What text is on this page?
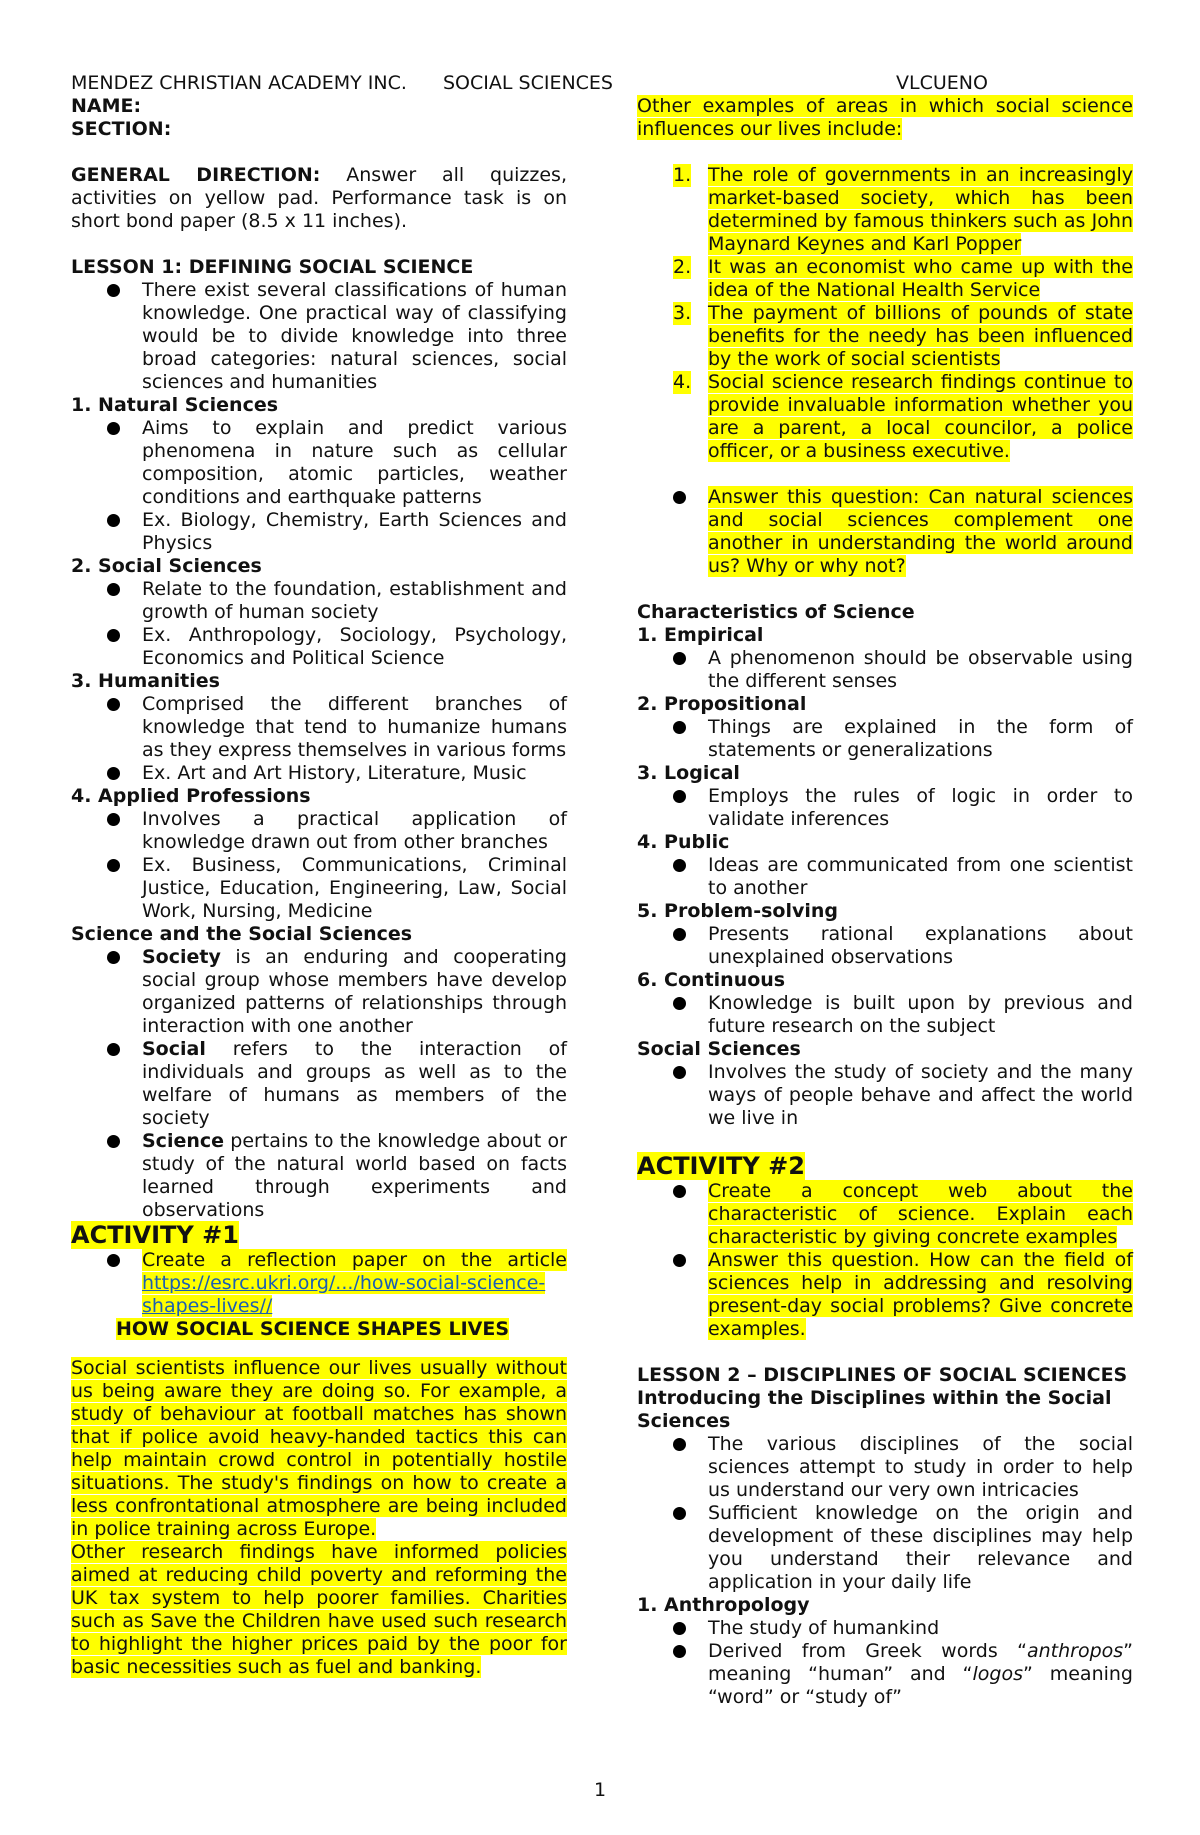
MENDEZ CHRISTIAN ACADEMY INC. SOCIAL SCIENCES	VLCUENO
NAME:
SECTION:

GENERAL DIRECTION: Answer all quizzes, activities on yellow pad. Performance task is on short bond paper (8.5 x 11 inches).

LESSON 1: DEFINING SOCIAL SCIENCE
There exist several classifications of human knowledge. One practical way of classifying would be to divide knowledge into three broad categories: natural sciences, social sciences and humanities
1. Natural Sciences
Aims to explain and predict various phenomena in nature such as cellular composition, atomic particles, weather conditions and earthquake patterns
Ex. Biology, Chemistry, Earth Sciences and Physics
2. Social Sciences
Relate to the foundation, establishment and growth of human society
Ex. Anthropology, Sociology, Psychology, Economics and Political Science
3. Humanities
Comprised the different branches of knowledge that tend to humanize humans as they express themselves in various forms
Ex. Art and Art History, Literature, Music
4. Applied Professions
Involves a practical application of knowledge drawn out from other branches
Ex. Business, Communications, Criminal Justice, Education, Engineering, Law, Social Work, Nursing, Medicine
Science and the Social Sciences
Society is an enduring and cooperating social group whose members have develop organized patterns of relationships through interaction with one another
Social refers to the interaction of individuals and groups as well as to the welfare of humans as members of the society
Science pertains to the knowledge about or study of the natural world based on facts learned through experiments and observations
ACTIVITY #1
Create a reflection paper on the article https://esrc.ukri.org/.../how-social-science-shapes-lives//
HOW SOCIAL SCIENCE SHAPES LIVES

Social scientists influence our lives usually without us being aware they are doing so. For example, a study of behaviour at football matches has shown that if police avoid heavy-handed tactics this can help maintain crowd control in potentially hostile situations. The study's findings on how to create a less confrontational atmosphere are being included in police training across Europe.

Other research findings have informed policies aimed at reducing child poverty and reforming the UK tax system to help poorer families. Charities such as Save the Children have used such research to highlight the higher prices paid by the poor for basic necessities such as fuel and banking.

Other examples of areas in which social science influences our lives include:

1. The role of governments in an increasingly market-based society, which has been determined by famous thinkers such as John Maynard Keynes and Karl Popper
2. It was an economist who came up with the idea of the National Health Service
3. The payment of billions of pounds of state benefits for the needy has been influenced by the work of social scientists
4. Social science research findings continue to provide invaluable information whether you are a parent, a local councilor, a police officer, or a business executive.
Answer this question: Can natural sciences and social sciences complement one another in understanding the world around us? Why or why not?
Characteristics of Science
1. Empirical
A phenomenon should be observable using the different senses
2. Propositional
Things are explained in the form of statements or generalizations
3. Logical
Employs the rules of logic in order to validate inferences
4. Public
Ideas are communicated from one scientist to another
5. Problem-solving
Presents rational explanations about unexplained observations
6. Continuous
Knowledge is built upon by previous and future research on the subject
Social Sciences
Involves the study of society and the many ways of people behave and affect the world we live in
ACTIVITY #2
Create a concept web about the characteristic of science. Explain each characteristic by giving concrete examples
Answer this question. How can the field of sciences help in addressing and resolving present-day social problems? Give concrete examples.

LESSON 2 – DISCIPLINES OF SOCIAL SCIENCES

Introducing the Disciplines within the Social Sciences

The various disciplines of the social sciences attempt to study in order to help us understand our very own intricacies
Sufficient knowledge on the origin and development of these disciplines may help you understand their relevance and application in your daily life
1. Anthropology
The study of humankind
Derived from Greek words “anthropos” meaning “human” and “logos” meaning “word” or “study of”
1
